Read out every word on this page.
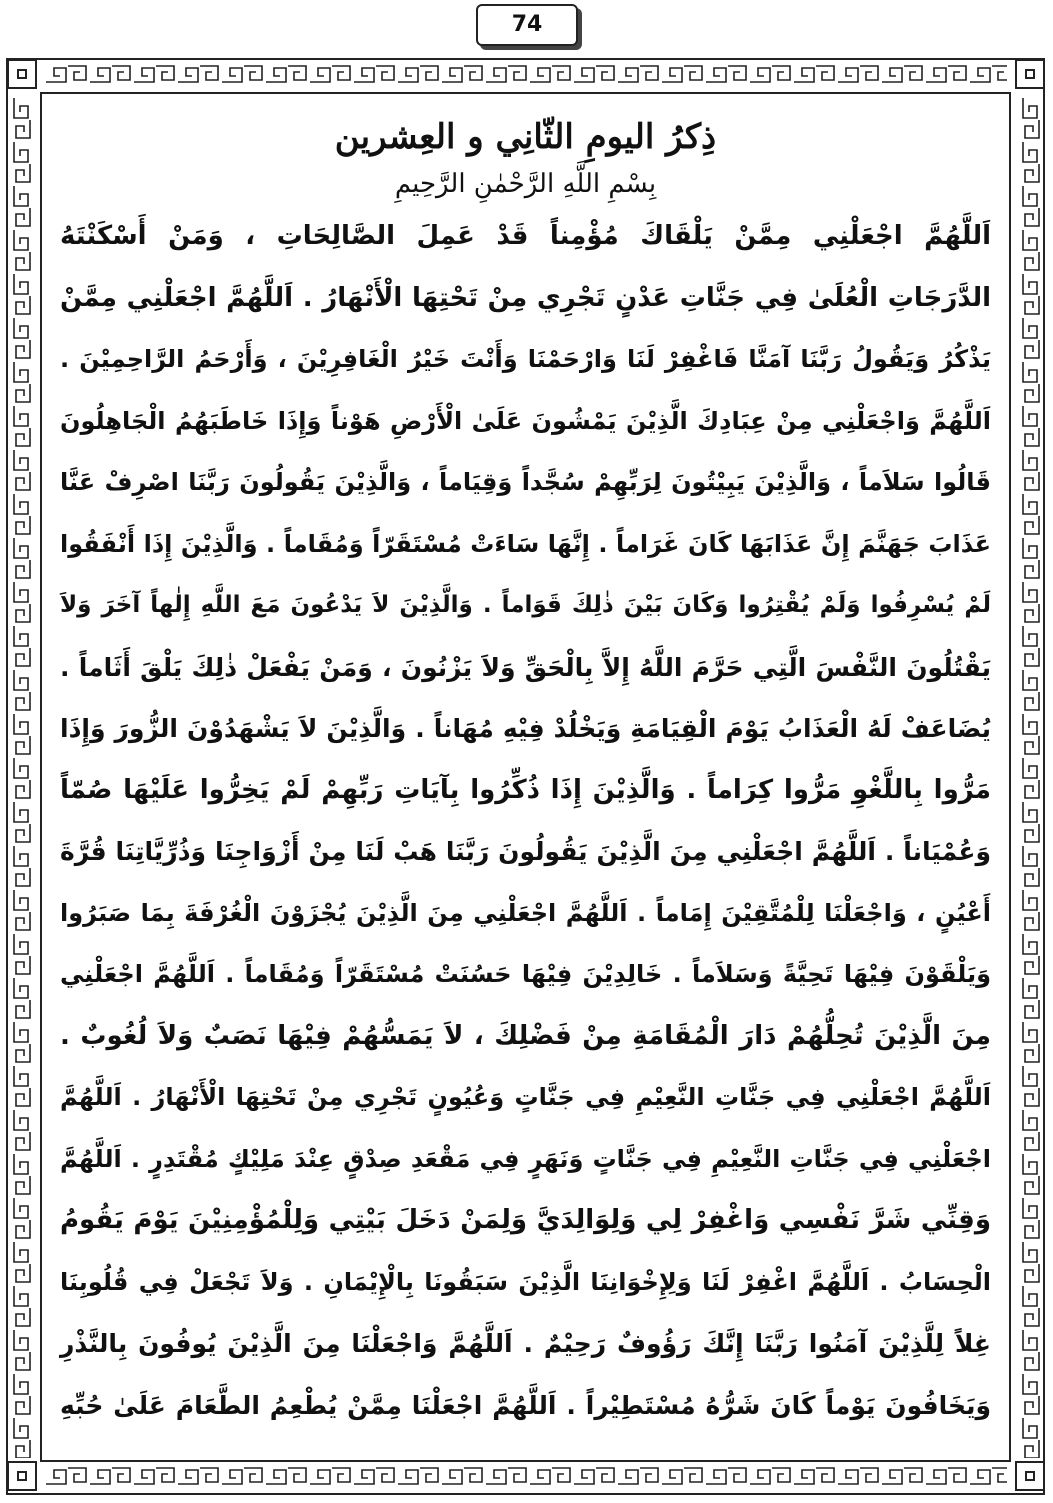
74
ذِكرُ اليومِ الثّانِي و العِشرين

بِسْمِ اللَّهِ الرَّحْمٰنِ الرَّحِيمِ

اَللَّهُمَّ اجْعَلْنِي مِمَّنْ يَلْقَاكَ مُؤْمِناً قَدْ عَمِلَ الصَّالِحَاتِ ، وَمَنْ أَسْكَنْتَهُ
الدَّرَجَاتِ الْعُلَىٰ فِي جَنَّاتِ عَدْنٍ تَجْرِي مِنْ تَحْتِهَا الْأَنْهَارُ . اَللَّهُمَّ اجْعَلْنِي مِمَّنْ
يَذْكُرُ وَيَقُولُ رَبَّنَا آمَنَّا فَاغْفِرْ لَنَا وَارْحَمْنَا وَأَنْتَ خَيْرُ الْغَافِرِيْنَ ، وَأَرْحَمُ الرَّاحِمِيْنَ .
اَللَّهُمَّ وَاجْعَلْنِي مِنْ عِبَادِكَ الَّذِيْنَ يَمْشُونَ عَلَىٰ الْأَرْضِ هَوْناً وَإِذَا خَاطَبَهُمُ الْجَاهِلُونَ
قَالُوا سَلاَماً ، وَالَّذِيْنَ يَبِيْتُونَ لِرَبِّهِمْ سُجَّداً وَقِيَاماً ، وَالَّذِيْنَ يَقُولُونَ رَبَّنَا اصْرِفْ عَنَّا
عَذَابَ جَهَنَّمَ إِنَّ عَذَابَهَا كَانَ غَرَاماً . إِنَّهَا سَاءَتْ مُسْتَقَرّاً وَمُقَاماً . وَالَّذِيْنَ إِذَا أَنْفَقُوا
لَمْ يُسْرِفُوا وَلَمْ يُقْتِرُوا وَكَانَ بَيْنَ ذٰلِكَ قَوَاماً . وَالَّذِيْنَ لاَ يَدْعُونَ مَعَ اللَّهِ إِلٰهاً آخَرَ وَلاَ
يَقْتُلُونَ النَّفْسَ الَّتِي حَرَّمَ اللَّهُ إِلاَّ بِالْحَقِّ وَلاَ يَزْنُونَ ، وَمَنْ يَفْعَلْ ذٰلِكَ يَلْقَ أَثَاماً .
يُضَاعَفْ لَهُ الْعَذَابُ يَوْمَ الْقِيَامَةِ وَيَخْلُدْ فِيْهِ مُهَاناً . وَالَّذِيْنَ لاَ يَشْهَدُوْنَ الزُّورَ وَإِذَا
مَرُّوا بِاللَّغْوِ مَرُّوا كِرَاماً . وَالَّذِيْنَ إِذَا ذُكِّرُوا بِآيَاتِ رَبِّهِمْ لَمْ يَخِرُّوا عَلَيْهَا صُمّاً
وَعُمْيَاناً . اَللَّهُمَّ اجْعَلْنِي مِنَ الَّذِيْنَ يَقُولُونَ رَبَّنَا هَبْ لَنَا مِنْ أَزْوَاجِنَا وَذُرِّيَّاتِنَا قُرَّةَ
أَعْيُنٍ ، وَاجْعَلْنَا لِلْمُتَّقِيْنَ إِمَاماً . اَللَّهُمَّ اجْعَلْنِي مِنَ الَّذِيْنَ يُجْزَوْنَ الْغُرْفَةَ بِمَا صَبَرُوا
وَيَلْقَوْنَ فِيْهَا تَحِيَّةً وَسَلاَماً . خَالِدِيْنَ فِيْهَا حَسُنَتْ مُسْتَقَرّاً وَمُقَاماً . اَللَّهُمَّ اجْعَلْنِي
مِنَ الَّذِيْنَ تُحِلُّهُمْ دَارَ الْمُقَامَةِ مِنْ فَضْلِكَ ، لاَ يَمَسُّهُمْ فِيْهَا نَصَبٌ وَلاَ لُغُوبٌ .
اَللَّهُمَّ اجْعَلْنِي فِي جَنَّاتِ النَّعِيْمِ فِي جَنَّاتٍ وَعُيُونٍ تَجْرِي مِنْ تَحْتِهَا الْأَنْهَارُ . اَللَّهُمَّ
اجْعَلْنِي فِي جَنَّاتِ النَّعِيْمِ فِي جَنَّاتٍ وَنَهَرٍ فِي مَقْعَدِ صِدْقٍ عِنْدَ مَلِيْكٍ مُقْتَدِرٍ . اَللَّهُمَّ
وَقِنِّي شَرَّ نَفْسِي وَاغْفِرْ لِي وَلِوَالِدَيَّ وَلِمَنْ دَخَلَ بَيْتِي وَلِلْمُؤْمِنِيْنَ يَوْمَ يَقُومُ
الْحِسَابُ . اَللَّهُمَّ اغْفِرْ لَنَا وَلِإِخْوَانِنَا الَّذِيْنَ سَبَقُونَا بِالْإِيْمَانِ . وَلاَ تَجْعَلْ فِي قُلُوبِنَا
غِلاً لِلَّذِيْنَ آمَنُوا رَبَّنَا إِنَّكَ رَؤُوفٌ رَحِيْمٌ . اَللَّهُمَّ وَاجْعَلْنَا مِنَ الَّذِيْنَ يُوفُونَ بِالنَّذْرِ
وَيَخَافُونَ يَوْماً كَانَ شَرُّهُ مُسْتَطِيْراً . اَللَّهُمَّ اجْعَلْنَا مِمَّنْ يُطْعِمُ الطَّعَامَ عَلَىٰ حُبِّهِ
